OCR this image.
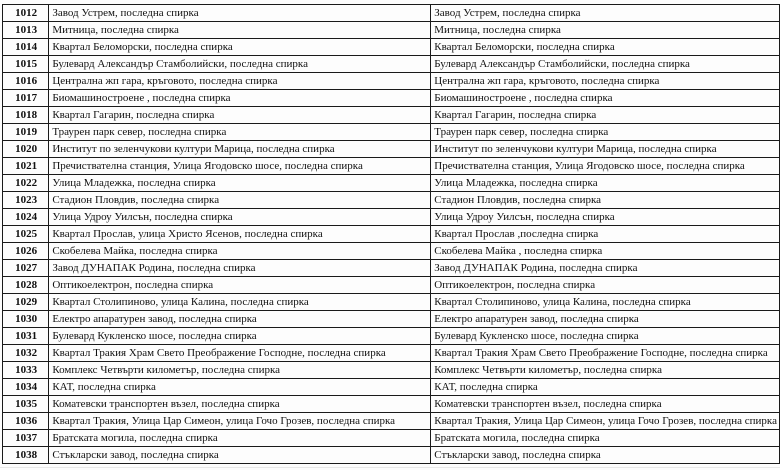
1012	Завод Устрем, последна спирка	Завод Устрем, последна спирка
1013	Митница, последна спирка	Митница, последна спирка
1014	Квартал Беломорски, последна спирка	Квартал Беломорски, последна спирка
1015	Булевард Александър Стамболийски, последна спирка	Булевард Александър Стамболийски, последна спирка
1016	Централна жп гара, кръговото, последна спирка	Централна жп гара, кръговото, последна спирка
1017	Биомашиностроене , последна спирка	Биомашиностроене , последна спирка
1018	Квартал Гагарин, последна спирка	Квартал Гагарин, последна спирка
1019	Траурен парк север, последна спирка	Траурен парк север, последна спирка
1020	Институт по зеленчукови култури Марица, последна спирка	Институт по зеленчукови култури Марица, последна спирка
1021	Пречиствателна станция, Улица Ягодовско шосе, последна спирка	Пречиствателна станция, Улица Ягодовско шосе, последна спирка
1022	Улица Младежка, последна спирка	Улица Младежка, последна спирка
1023	Стадион Пловдив, последна спирка	Стадион Пловдив, последна спирка
1024	Улица Удроу Уилсън, последна спирка	Улица Удроу Уилсън, последна спирка
1025	Квартал Прослав, улица Христо Ясенов, последна спирка	Квартал Прослав ,последна спирка
1026	Скобелева Майка, последна спирка	Скобелева Майка , последна спирка
1027	Завод ДУНАПАК Родина, последна спирка	Завод ДУНАПАК Родина, последна спирка
1028	Оптикоелектрон, последна спирка	Оптикоелектрон, последна спирка
1029	Квартал Столипиново, улица Калина, последна спирка	Квартал Столипиново, улица Калина, последна спирка
1030	Електро апаратурен завод, последна спирка	Електро апаратурен завод, последна спирка
1031	Булевард Кукленско шосе, последна спирка	Булевард Кукленско шосе, последна спирка
1032	Квартал Тракия Храм Свето Преображение Господне, последна спирка	Квартал Тракия Храм Свето Преображение Господне, последна спирка
1033	Комплекс Четвърти километър, последна спирка	Комплекс Четвърти километър, последна спирка
1034	КАТ, последна спирка	КАТ, последна спирка
1035	Коматевски транспортен възел, последна спирка	Коматевски транспортен възел, последна спирка
1036	Квартал Тракия, Улица Цар Симеон, улица Гочо Грозев, последна спирка	Квартал Тракия, Улица Цар Симеон, улица Гочо Грозев, последна спирка
1037	Братската могила, последна спирка	Братската могила, последна спирка
1038	Стъкларски завод, последна спирка	Стъкларски завод, последна спирка
